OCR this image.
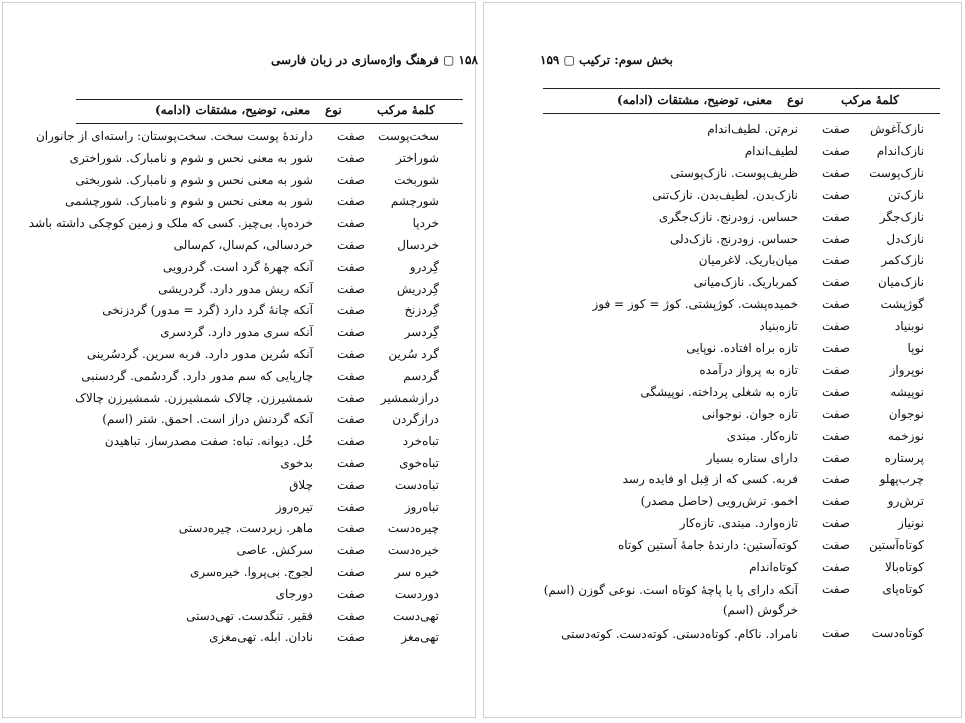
۱۵۸ ▢ فرهنگ واژه‌سازی در زبان فارسی
کلمهٔ مرکب
نوع
معنی، توضیح، مشتقات (ادامه)
سخت‌پوست
صفت
دارندهٔ پوست سخت. سخت‌پوستان: راسته‌ای از جانوران
شوراختر
صفت
شور به معنی نحس و شوم و نامبارک. شوراختری
شوربخت
صفت
شور به معنی نحس و شوم و نامبارک. شوربختی
شورچشم
صفت
شور به معنی نحس و شوم و نامبارک. شورچشمی
خردپا
صفت
خرده‌پا. بی‌چیز. کسی که ملک و زمین کوچکی داشته باشد
خردسال
صفت
خردسالی، کم‌سال، کم‌سالی
گِردرو
صفت
آنکه چهرهٔ گرد است. گردرویی
گِردریش
صفت
آنکه ریش مدور دارد. گردریشی
گِردزنخ
صفت
آنکه چانهٔ گرد دارد (گرد = مدور) گردزنخی
گِردسر
صفت
آنکه سری مدور دارد. گردسری
گرد سُرین
صفت
آنکه سُرین مدور دارد. فربه سرین. گردسُرینی
گردسم
صفت
چارپایی که سم مدور دارد. گردسُمی. گردسنبی
درازشمشیر
صفت
شمشیرزن. چالاک شمشیرزن. شمشیرزن چالاک
درازگردن
صفت
آنکه گردنش دراز است. احمق. شتر (اسم)
تباه‌خرد
صفت
خُل. دیوانه. تباه: صفت مصدرساز. تباهیدن
تباه‌خوی
صفت
بدخوی
تباه‌دست
صفت
چلاق
تباه‌روز
صفت
تیره‌روز
چیره‌دست
صفت
ماهر. زبردست. چیره‌دستی
خیره‌دست
صفت
سرکش. عاصی
خیره سر
صفت
لجوج. بی‌پروا. خیره‌سری
دوردست
صفت
دورجای
تهی‌دست
صفت
فقیر. تنگدست. تهی‌دستی
تهی‌مغز
صفت
نادان. ابله. تهی‌مغزی
بخش سوم: ترکیب ▢ ۱۵۹
کلمهٔ مرکب
نوع
معنی، توضیح، مشتقات (ادامه)
نازک‌آغوش
صفت
نرم‌تن. لطیف‌اندام
نازک‌اندام
صفت
لطیف‌اندام
نازک‌پوست
صفت
ظریف‌پوست. نازک‌پوستی
نازک‌تن
صفت
نازک‌بدن. لطیف‌بدن. نازک‌تنی
نازک‌جگر
صفت
حساس. زودرنج. نازک‌جگری
نازک‌دل
صفت
حساس. زودرنج. نازک‌دلی
نازک‌کمر
صفت
میان‌باریک. لاغرمیان
نازک‌میان
صفت
کمرباریک. نازک‌میانی
گوژپشت
صفت
خمیده‌پشت. کوژپشتی. کوژ = کوز = فوز
نوبنیاد
صفت
تازه‌بنیاد
نوپا
صفت
تازه براه افتاده. نوپایی
نوپرواز
صفت
تازه به پرواز درآمده
نوپیشه
صفت
تازه به شغلی پرداخته. نوپیشگی
نوجوان
صفت
تازه جوان. نوجوانی
نوزخمه
صفت
تازه‌کار. مبتدی
پرستاره
صفت
دارای ستاره بسیار
چرب‌پهلو
صفت
فربه. کسی که از قِبل او فایده رسد
ترش‌رو
صفت
اخمو. ترش‌رویی (حاصل مصدر)
نونیاز
صفت
تازه‌وارد. مبتدی. تازه‌کار
کوتاه‌آستین
صفت
کوته‌آستین: دارندهٔ جامهٔ آستین کوتاه
کوتاه‌بالا
صفت
کوتاه‌اندام
کوتاه‌پای
صفت
آنکه دارای پا یا پاچهٔ کوتاه است. نوعی گوزن (اسم) خرگوش (اسم)
کوتاه‌دست
صفت
نامراد. ناکام. کوتاه‌دستی. کوته‌دست. کوته‌دستی
